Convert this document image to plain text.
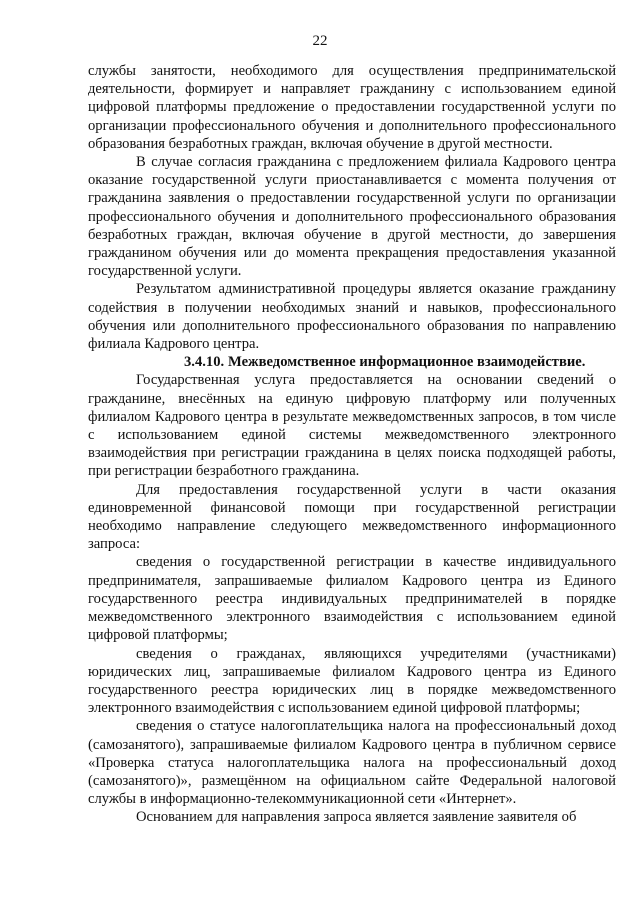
22

службы занятости, необходимого для осуществления предпринимательской деятельности, формирует и направляет гражданину с использованием единой цифровой платформы предложение о предоставлении государственной услуги по организации профессионального обучения и дополнительного профессионального образования безработных граждан, включая обучение в другой местности.

В случае согласия гражданина с предложением филиала Кадрового центра оказание государственной услуги приостанавливается с момента получения от гражданина заявления о предоставлении государственной услуги по организации профессионального обучения и дополнительного профессионального образования безработных граждан, включая обучение в другой местности, до завершения гражданином обучения или до момента прекращения предоставления указанной государственной услуги.

Результатом административной процедуры является оказание гражданину содействия в получении необходимых знаний и навыков, профессионального обучения или дополнительного профессионального образования по направлению филиала Кадрового центра.

3.4.10. Межведомственное информационное взаимодействие.

Государственная услуга предоставляется на основании сведений о гражданине, внесённых на единую цифровую платформу или полученных филиалом Кадрового центра в результате межведомственных запросов, в том числе с использованием единой системы межведомственного электронного взаимодействия при регистрации гражданина в целях поиска подходящей работы, при регистрации безработного гражданина.

Для предоставления государственной услуги в части оказания единовременной финансовой помощи при государственной регистрации необходимо направление следующего межведомственного информационного запроса:

сведения о государственной регистрации в качестве индивидуального предпринимателя, запрашиваемые филиалом Кадрового центра из Единого государственного реестра индивидуальных предпринимателей в порядке межведомственного электронного взаимодействия с использованием единой цифровой платформы;

сведения о гражданах, являющихся учредителями (участниками) юридических лиц, запрашиваемые филиалом Кадрового центра из Единого государственного реестра юридических лиц в порядке межведомственного электронного взаимодействия с использованием единой цифровой платформы;

сведения о статусе налогоплательщика налога на профессиональный доход (самозанятого), запрашиваемые филиалом Кадрового центра в публичном сервисе «Проверка статуса налогоплательщика налога на профессиональный доход (самозанятого)», размещённом на официальном сайте Федеральной налоговой службы в информационно-телекоммуникационной сети «Интернет».

Основанием для направления запроса является заявление заявителя об
